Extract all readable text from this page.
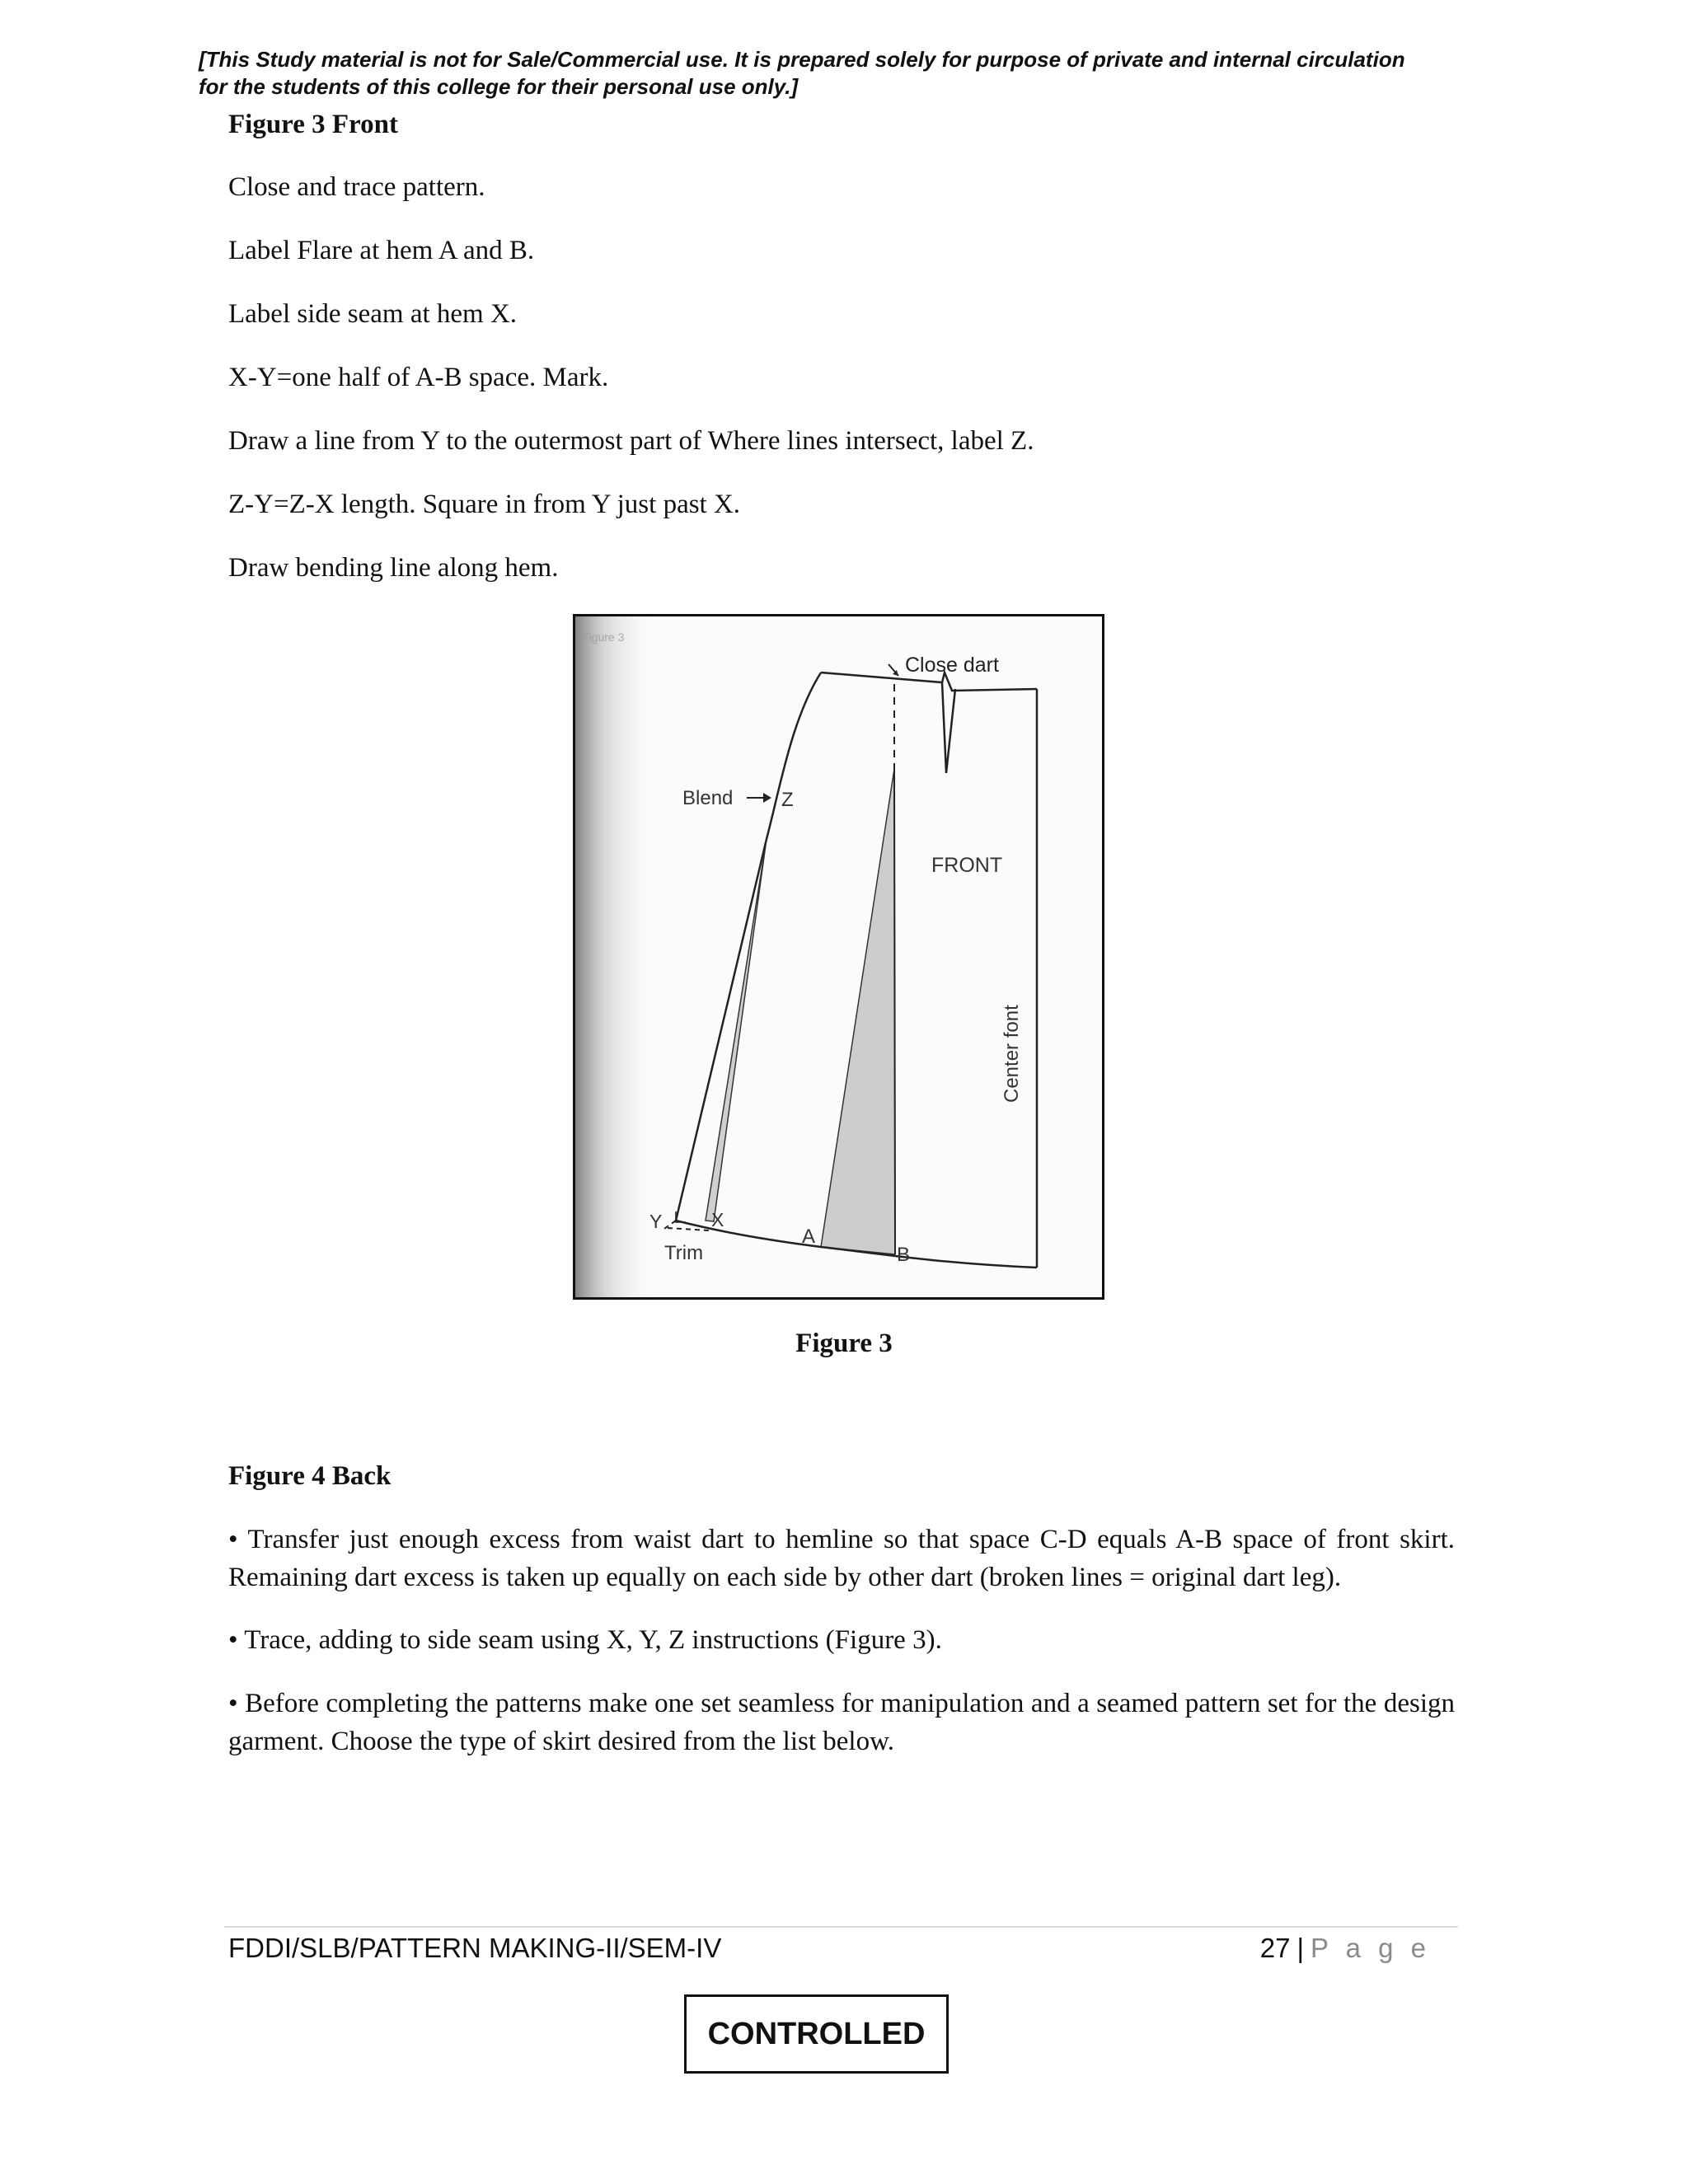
[This Study material is not for Sale/Commercial use. It is prepared solely for purpose of private and internal circulation
for the students of this college for their personal use only.]
Figure 3 Front
Close and trace pattern.
Label Flare at hem A and B.
Label side seam at hem X.
X-Y=one half of A-B space. Mark.
Draw a line from Y to the outermost part of Where lines intersect, label Z.
Z-Y=Z-X length. Square in from Y just past X.
Draw bending line along hem.
Figure 3
Close dart
Blend Z
FRONT
Center font
Y	X
Trim
A
B
Figure 3
Figure 4 Back
• Transfer just enough excess from waist dart to hemline so that space C-D equals A-B space of front skirt. Remaining dart excess is taken up equally on each side by other dart (broken lines = original dart leg).
• Trace, adding to side seam using X, Y, Z instructions (Figure 3).
• Before completing the patterns make one set seamless for manipulation and a seamed pattern set for the design garment. Choose the type of skirt desired from the list below.
FDDI/SLB/PATTERN MAKING-II/SEM-IV	27 | P a g e
CONTROLLED
